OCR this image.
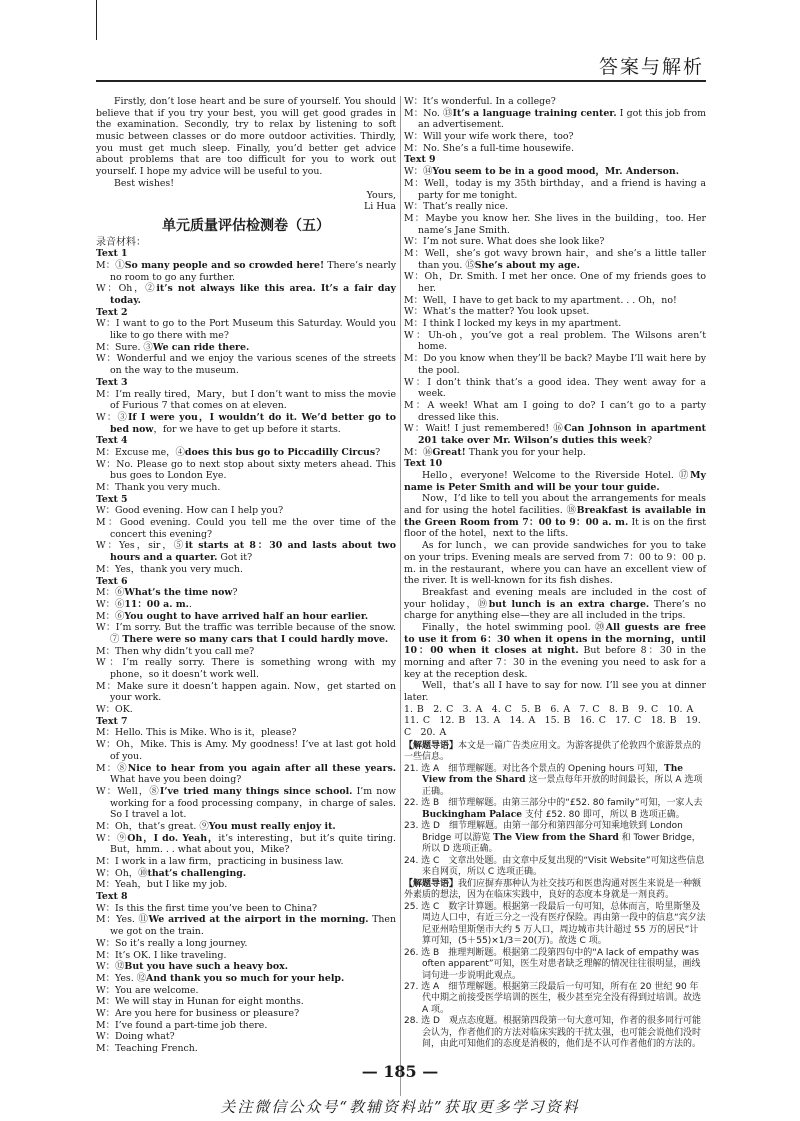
答案与解析

Firstly, don’t lose heart and be sure of yourself. You should believe that if you try your best, you will get good grades in the examination. Secondly, try to relax by listening to soft music between classes or do more outdoor activities. Thirdly, you must get much sleep. Finally, you’d better get advice about problems that are too difficult for you to work out yourself. I hope my advice will be useful to you.

Best wishes!

Yours,

Li Hua

单元质量评估检测卷（五）

录音材料：

Text 1

M：①So many people and so crowded here! There’s nearly no room to go any further.

W：Oh，②it’s not always like this area. It’s a fair day today.

Text 2

W：I want to go to the Port Museum this Saturday. Would you like to go there with me?

M：Sure. ③We can ride there.

W：Wonderful and we enjoy the various scenes of the streets on the way to the museum.

Text 3

M：I’m really tired，Mary，but I don’t want to miss the movie of Furious 7 that comes on at eleven.

W：③If I were you，I wouldn’t do it. We’d better go to bed now，for we have to get up before it starts.

Text 4

M：Excuse me，④does this bus go to Piccadilly Circus?

W：No. Please go to next stop about sixty meters ahead. This bus goes to London Eye.

M：Thank you very much.

Text 5

W：Good evening. How can I help you?

M：Good evening. Could you tell me the over time of the concert this evening?

W：Yes，sir，⑤it starts at 8：30 and lasts about two hours and a quarter. Got it?

M：Yes，thank you very much.

Text 6

M：⑥What’s the time now?

W：⑥11：00 a. m..

M：⑥You ought to have arrived half an hour earlier.

W：I’m sorry. But the traffic was terrible because of the snow. ⑦ There were so many cars that I could hardly move.

M：Then why didn’t you call me?

W：I’m really sorry. There is something wrong with my phone，so it doesn’t work well.

M：Make sure it doesn’t happen again. Now，get started on your work.

W：OK.

Text 7

M：Hello. This is Mike. Who is it，please?

W：Oh，Mike. This is Amy. My goodness! I’ve at last got hold of you.

M：⑧Nice to hear from you again after all these years. What have you been doing?

W：Well，⑧I’ve tried many things since school. I’m now working for a food processing company，in charge of sales. So I travel a lot.

M：Oh，that’s great. ⑨You must really enjoy it.

W：⑨Oh，I do. Yeah，it’s interesting，but it’s quite tiring. But，hmm. . . what about you，Mike?

M：I work in a law firm，practicing in business law.

W：Oh，⑩that’s challenging.

M：Yeah，but I like my job.

Text 8

W：Is this the first time you’ve been to China?

M：Yes. ⑪We arrived at the airport in the morning. Then we got on the train.

W：So it’s really a long journey.

M：It’s OK. I like traveling.

W：⑫But you have such a heavy box.

M：Yes. ⑫And thank you so much for your help.

W：You are welcome.

M：We will stay in Hunan for eight months.

W：Are you here for business or pleasure?

M：I’ve found a part-time job there.

W：Doing what?

M：Teaching French.

W：It’s wonderful. In a college?

M：No. ⑬It’s a language training center. I got this job from an advertisement.

W：Will your wife work there，too?

M：No. She’s a full-time housewife.

Text 9

W：⑭You seem to be in a good mood，Mr. Anderson.

M：Well，today is my 35th birthday，and a friend is having a party for me tonight.

W：That’s really nice.

M：Maybe you know her. She lives in the building，too. Her name’s Jane Smith.

W：I’m not sure. What does she look like?

M：Well，she’s got wavy brown hair，and she’s a little taller than you. ⑮She’s about my age.

W：Oh，Dr. Smith. I met her once. One of my friends goes to her.

M：Well，I have to get back to my apartment. . . Oh，no!

W：What’s the matter? You look upset.

M：I think I locked my keys in my apartment.

W：Uh-oh，you’ve got a real problem. The Wilsons aren’t home.

M：Do you know when they’ll be back? Maybe I’ll wait here by the pool.

W：I don’t think that’s a good idea. They went away for a week.

M：A week! What am I going to do? I can’t go to a party dressed like this.

W：Wait! I just remembered! ⑯Can Johnson in apartment 201 take over Mr. Wilson’s duties this week?

M：⑯Great! Thank you for your help.

Text 10

Hello，everyone! Welcome to the Riverside Hotel. ⑰My name is Peter Smith and will be your tour guide.

Now，I’d like to tell you about the arrangements for meals and for using the hotel facilities. ⑱Breakfast is available in the Green Room from 7：00 to 9：00 a. m. It is on the first floor of the hotel，next to the lifts.

As for lunch，we can provide sandwiches for you to take on your trips. Evening meals are served from 7：00 to 9：00 p. m. in the restaurant，where you can have an excellent view of the river. It is well-known for its fish dishes.

Breakfast and evening meals are included in the cost of your holiday，⑲but lunch is an extra charge. There’s no charge for anything else—they are all included in the trips.

Finally，the hotel swimming pool. ⑳All guests are free to use it from 6：30 when it opens in the morning，until 10：00 when it closes at night. But before 8：30 in the morning and after 7：30 in the evening you need to ask for a key at the reception desk.

Well，that’s all I have to say for now. I’ll see you at dinner later.

1. B　2. C　3. A　4. C　5. B　6. A　7. C　8. B　9. C　10. A

11. C　12. B　13. A　14. A　15. B　16. C　17. C　18. B　19. C　20. A

【解题导语】本文是一篇广告类应用文。为游客提供了伦敦四个旅游景点的一些信息。

21. 选 A　细节理解题。对比各个景点的 Opening hours 可知，The View from the Shard 这一景点每年开放的时间最长，所以 A 选项正确。

22. 选 B　细节理解题。由第三部分中的“£52. 80 family”可知，一家人去 Buckingham Palace 支付 £52. 80 即可，所以 B 选项正确。

23. 选 D　细节理解题。由第一部分和第四部分可知乘地铁到 London Bridge 可以游览 The View from the Shard 和 Tower Bridge，所以 D 选项正确。

24. 选 C　文章出处题。由文章中反复出现的“Visit Website”可知这些信息来自网页，所以 C 选项正确。

【解题导语】我们应摒弃那种认为社交技巧和医患沟通对医生来说是一种额外素质的想法，因为在临床实践中，良好的态度本身就是一剂良药。

25. 选 C　数字计算题。根据第一段最后一句可知，总体而言，哈里斯堡及周边人口中，有近三分之一没有医疗保险。再由第一段中的信息“宾夕法尼亚州哈里斯堡市大约 5 万人口，周边城市共计超过 55 万的居民”计算可知，(5＋55)×1/3＝20(万)。故选 C 项。

26. 选 B　推理判断题。根据第二段第四句中的“A lack of empathy was often apparent”可知，医生对患者缺乏理解的情况往往很明显，画线词句进一步说明此观点。

27. 选 A　细节理解题。根据第三段最后一句可知，所有在 20 世纪 90 年代中期之前接受医学培训的医生，极少甚至完全没有得到过培训。故选 A 项。

28. 选 D　观点态度题。根据第四段第一句大意可知，作者的很多同行可能会认为，作者他们的方法对临床实践的干扰太强，也可能会说他们没时间，由此可知他们的态度是消极的，他们是不认可作者他们的方法的。

— 185 —
关注微信公众号“教辅资料站”获取更多学习资料
